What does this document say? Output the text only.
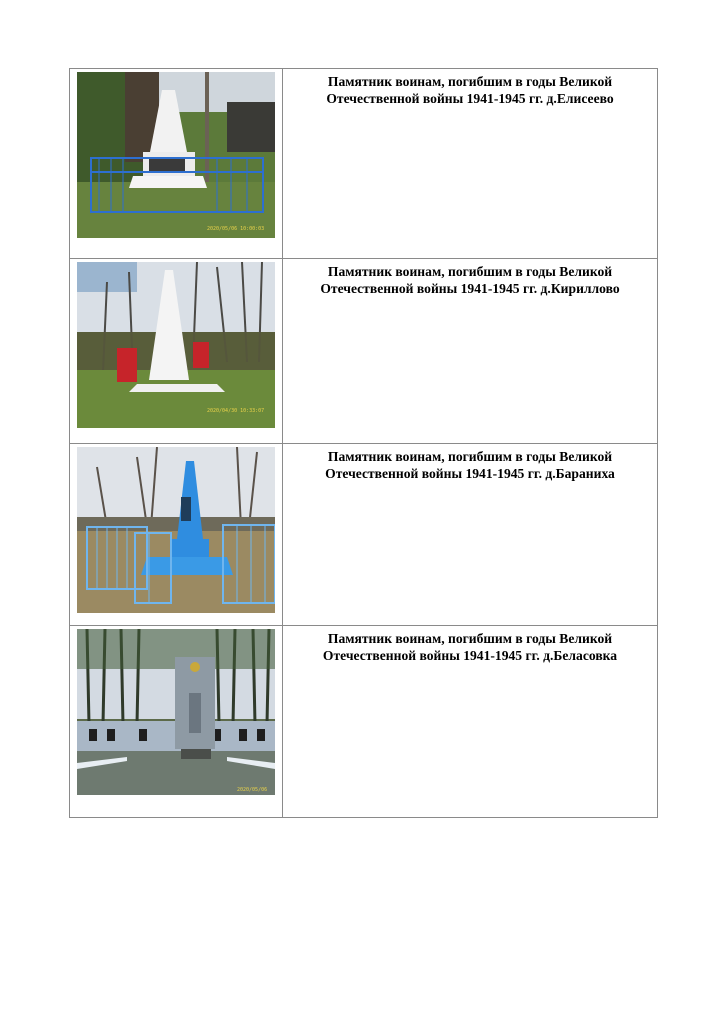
2020/05/06 10:00:03	Памятник воинам, погибшим в годы Великой
Отечественной войны 1941-1945 гг. д.Елисеево

2020/04/30 10:33:07	Памятник воинам, погибшим в годы Великой
Отечественной войны 1941-1945 гг. д.Кириллово

Памятник воинам, погибшим в годы Великой
Отечественной войны 1941-1945 гг. д.Бараниха

2020/05/06	Памятник воинам, погибшим в годы Великой
Отечественной войны 1941-1945 гг. д.Беласовка
